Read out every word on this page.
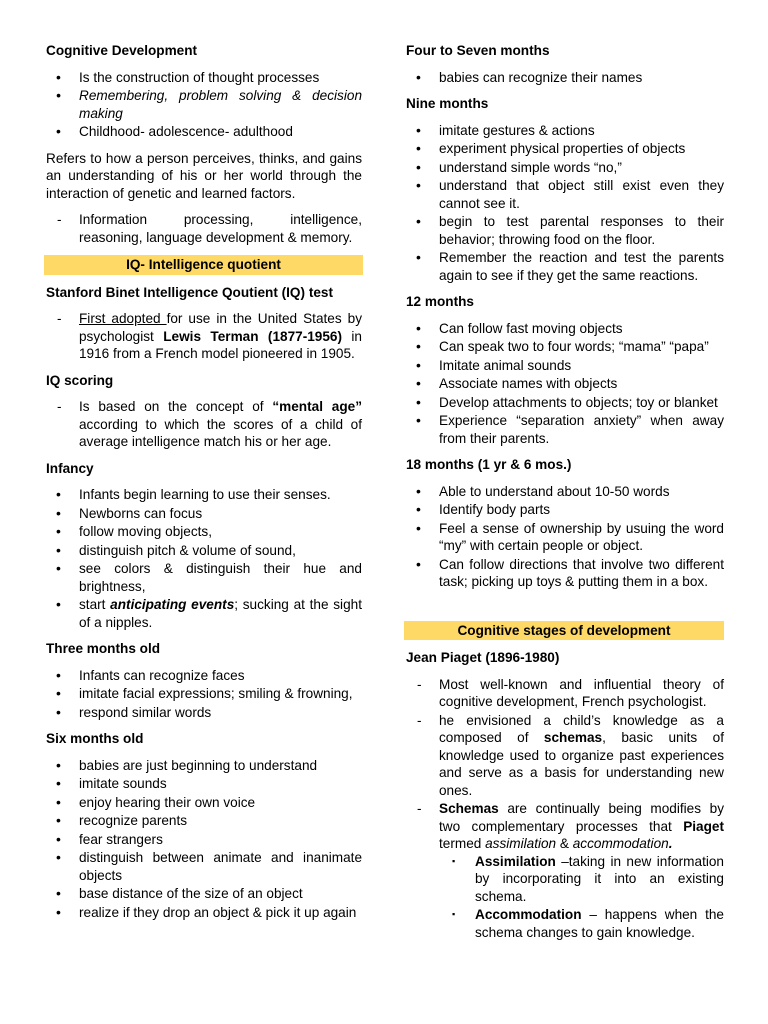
Cognitive Development
• Is the construction of thought processes
• Remembering, problem solving & decision making
• Childhood- adolescence- adulthood

Refers to how a person perceives, thinks, and gains an understanding of his or her world through the interaction of genetic and learned factors.

- Information processing, intelligence, reasoning, language development & memory.
IQ- Intelligence quotient
Stanford Binet Intelligence Qoutient (IQ) test
- First adopted for use in the United States by psychologist Lewis Terman (1877-1956) in 1916 from a French model pioneered in 1905.
IQ scoring
- Is based on the concept of “mental age” according to which the scores of a child of average intelligence match his or her age.
Infancy
• Infants begin learning to use their senses.
• Newborns can focus
• follow moving objects,
• distinguish pitch & volume of sound,
• see colors & distinguish their hue and brightness,
• start anticipating events; sucking at the sight of a nipples.
Three months old
• Infants can recognize faces
• imitate facial expressions; smiling & frowning,
• respond similar words
Six months old
• babies are just beginning to understand
• imitate sounds
• enjoy hearing their own voice
• recognize parents
• fear strangers
• distinguish between animate and inanimate objects
• base distance of the size of an object
• realize if they drop an object & pick it up again
Four to Seven months
• babies can recognize their names
Nine months
• imitate gestures & actions
• experiment physical properties of objects
• understand simple words “no,”
• understand that object still exist even they cannot see it.
• begin to test parental responses to their behavior; throwing food on the floor.
• Remember the reaction and test the parents again to see if they get the same reactions.
12 months
• Can follow fast moving objects
• Can speak two to four words; “mama” “papa”
• Imitate animal sounds
• Associate names with objects
• Develop attachments to objects; toy or blanket
• Experience “separation anxiety” when away from their parents.
18 months (1 yr & 6 mos.)
• Able to understand about 10-50 words
• Identify body parts
• Feel a sense of ownership by usuing the word “my” with certain people or object.
• Can follow directions that involve two different task; picking up toys & putting them in a box.
Cognitive stages of development
Jean Piaget (1896-1980)
- Most well-known and influential theory of cognitive development, French psychologist.
- he envisioned a child’s knowledge as a composed of schemas, basic units of knowledge used to organize past experiences and serve as a basis for understanding new ones.
- Schemas are continually being modifies by two complementary processes that Piaget termed assimilation & accommodation.
▪ Assimilation –taking in new information by incorporating it into an existing schema.
▪ Accommodation – happens when the schema changes to gain knowledge.
